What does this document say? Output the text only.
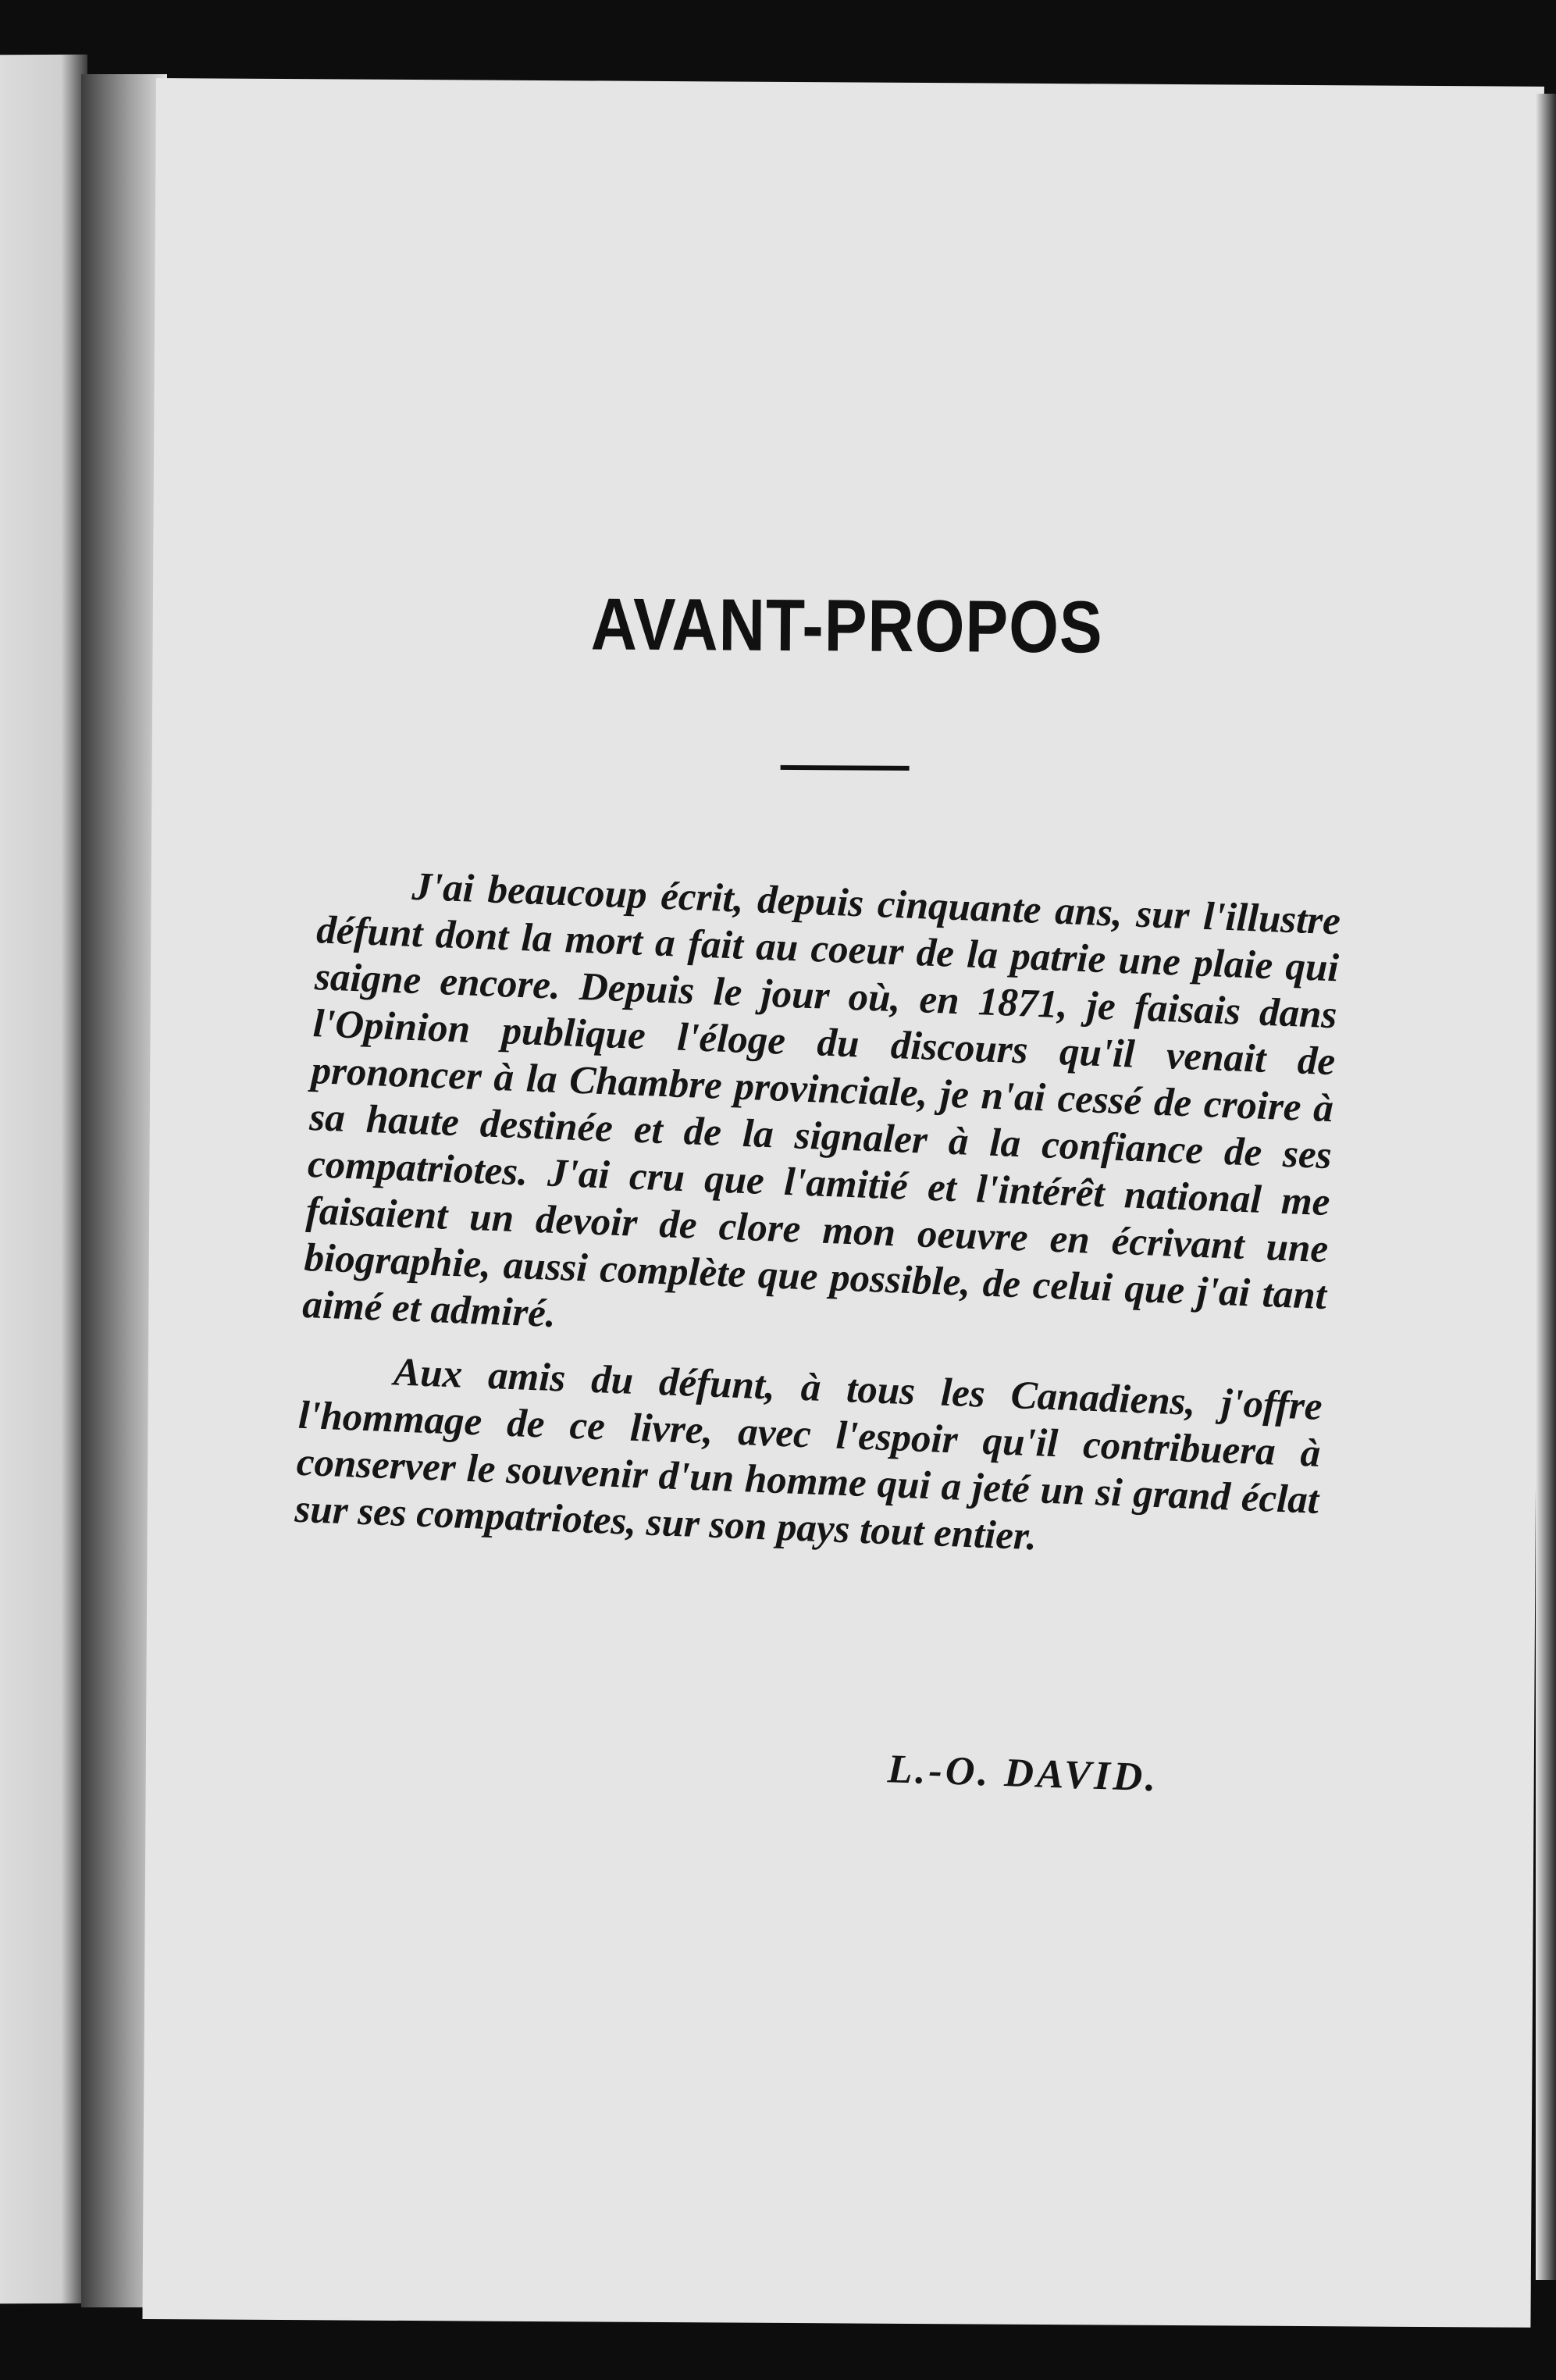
AVANT-PROPOS

J'ai beaucoup écrit, depuis cinquante ans, sur l'illustre défunt dont la mort a fait au coeur de la patrie une plaie qui saigne encore. Depuis le jour où, en 1871, je faisais dans l'Opinion publique l'éloge du discours qu'il venait de prononcer à la Chambre provinciale, je n'ai cessé de croire à sa haute destinée et de la signaler à la confiance de ses compatriotes. J'ai cru que l'amitié et l'intérêt national me faisaient un devoir de clore mon oeuvre en écrivant une biographie, aussi complète que possible, de celui que j'ai tant aimé et admiré.

Aux amis du défunt, à tous les Canadiens, j'offre l'hommage de ce livre, avec l'espoir qu'il contribuera à conserver le souvenir d'un homme qui a jeté un si grand éclat sur ses compatriotes, sur son pays tout entier.

L.-O. DAVID.
